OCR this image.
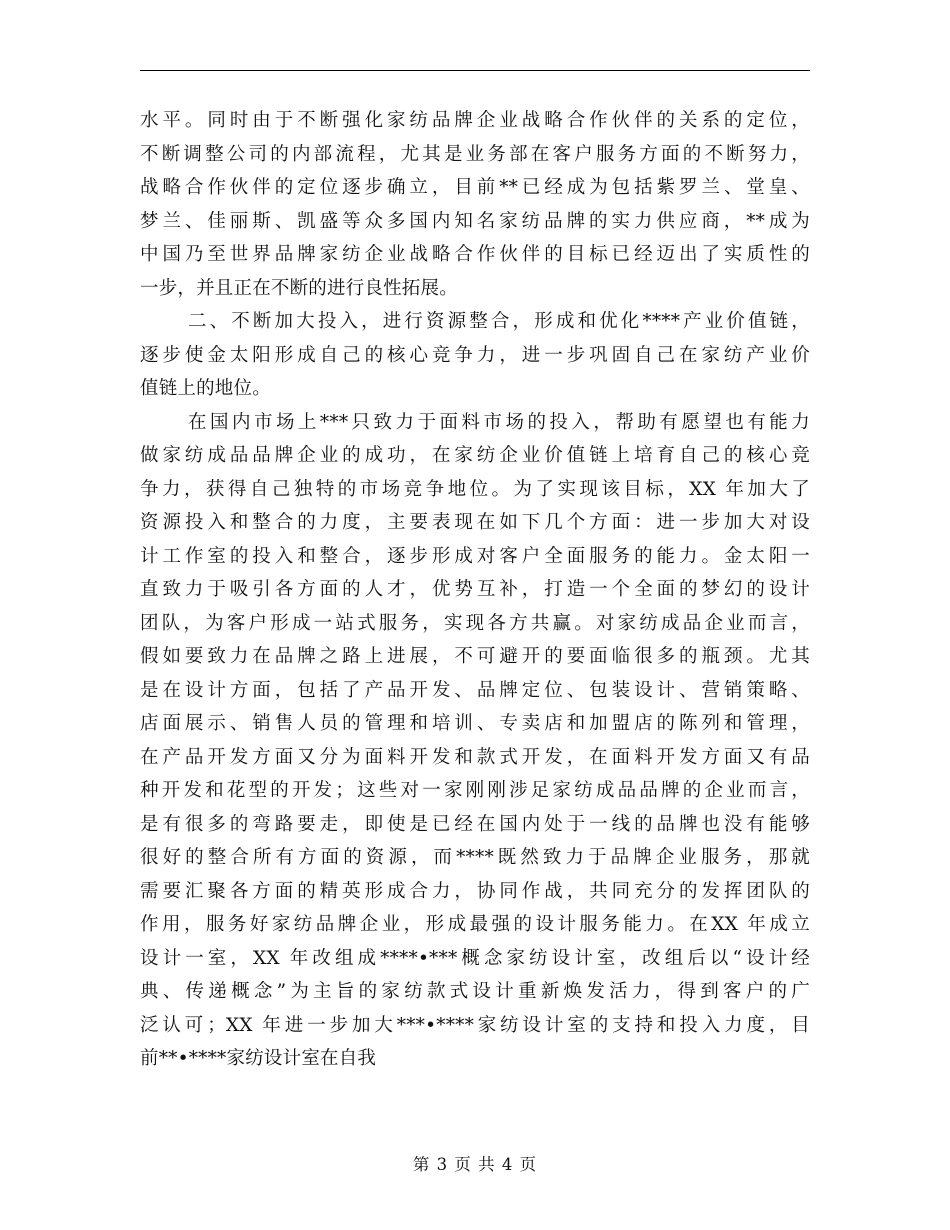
水平。同时由于不断强化家纺品牌企业战略合作伙伴的关系的定位，
不断调整公司的内部流程，尤其是业务部在客户服务方面的不断努力，
战略合作伙伴的定位逐步确立，目前**已经成为包括紫罗兰、堂皇、
梦兰、佳丽斯、凯盛等众多国内知名家纺品牌的实力供应商，**成为
中国乃至世界品牌家纺企业战略合作伙伴的目标已经迈出了实质性的
一步，并且正在不断的进行良性拓展。
二、不断加大投入，进行资源整合，形成和优化****产业价值链，
逐步使金太阳形成自己的核心竞争力，进一步巩固自己在家纺产业价
值链上的地位。
在国内市场上***只致力于面料市场的投入，帮助有愿望也有能力
做家纺成品品牌企业的成功，在家纺企业价值链上培育自己的核心竞
争力，获得自己独特的市场竞争地位。为了实现该目标，XX 年加大了
资源投入和整合的力度，主要表现在如下几个方面：进一步加大对设
计工作室的投入和整合，逐步形成对客户全面服务的能力。金太阳一
直致力于吸引各方面的人才，优势互补，打造一个全面的梦幻的设计
团队，为客户形成一站式服务，实现各方共赢。对家纺成品企业而言，
假如要致力在品牌之路上进展，不可避开的要面临很多的瓶颈。尤其
是在设计方面，包括了产品开发、品牌定位、包装设计、营销策略、
店面展示、销售人员的管理和培训、专卖店和加盟店的陈列和管理，
在产品开发方面又分为面料开发和款式开发，在面料开发方面又有品
种开发和花型的开发；这些对一家刚刚涉足家纺成品品牌的企业而言，
是有很多的弯路要走，即使是已经在国内处于一线的品牌也没有能够
很好的整合所有方面的资源，而****既然致力于品牌企业服务，那就
需要汇聚各方面的精英形成合力，协同作战，共同充分的发挥团队的
作用，服务好家纺品牌企业，形成最强的设计服务能力。在XX 年成立
设计一室，XX 年改组成****•***概念家纺设计室，改组后以“设计经
典、传递概念”为主旨的家纺款式设计重新焕发活力，得到客户的广
泛认可；XX 年进一步加大***•****家纺设计室的支持和投入力度，目
前**•****家纺设计室在自我
第 3 页 共 4 页
